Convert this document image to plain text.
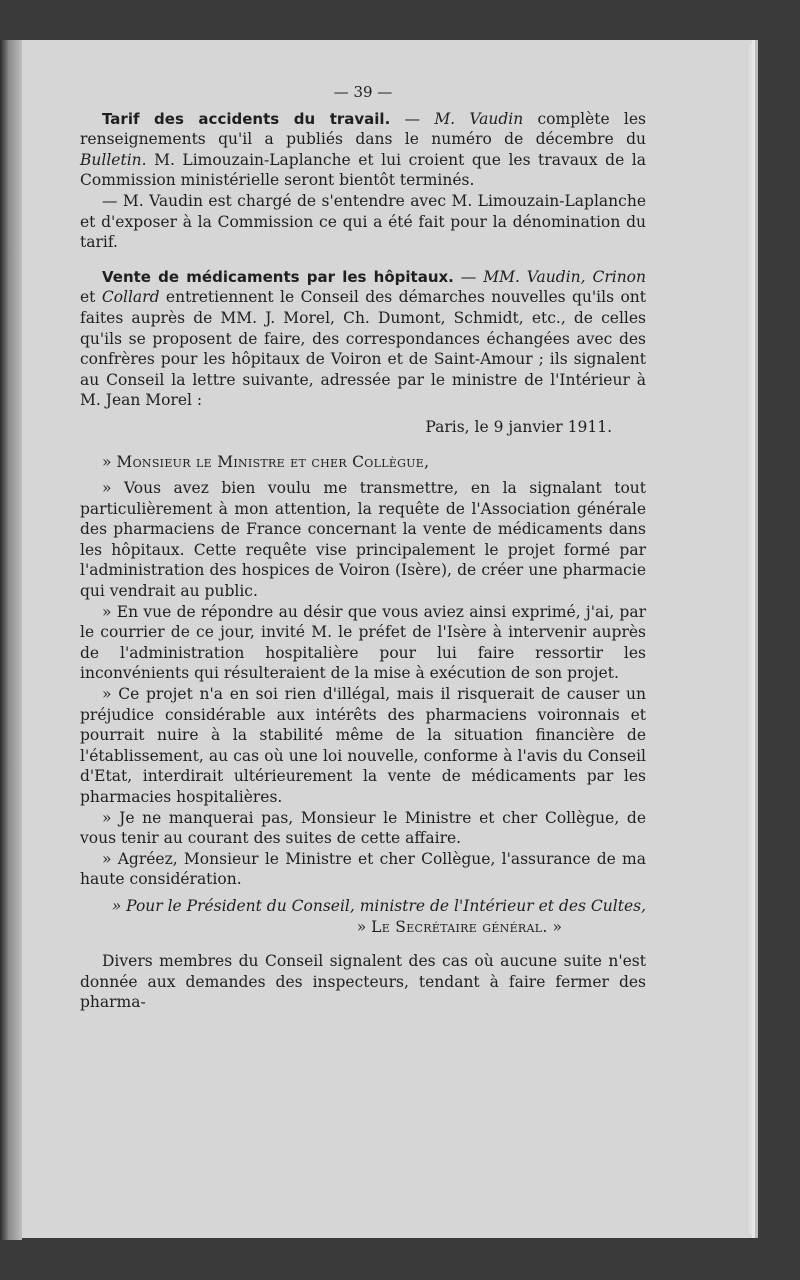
— 39 —

Tarif des accidents du travail. — M. Vaudin complète les renseignements qu'il a publiés dans le numéro de décembre du Bulletin. M. Limouzain-Laplanche et lui croient que les travaux de la Commission ministérielle seront bientôt terminés.

— M. Vaudin est chargé de s'entendre avec M. Limouzain-Laplanche et d'exposer à la Commission ce qui a été fait pour la dénomination du tarif.

Vente de médicaments par les hôpitaux. — MM. Vaudin, Crinon et Collard entretiennent le Conseil des démarches nouvelles qu'ils ont faites auprès de MM. J. Morel, Ch. Dumont, Schmidt, etc., de celles qu'ils se proposent de faire, des correspondances échangées avec des confrères pour les hôpitaux de Voiron et de Saint-Amour ; ils signalent au Conseil la lettre suivante, adressée par le ministre de l'Intérieur à M. Jean Morel :

Paris, le 9 janvier 1911.

» Monsieur le Ministre et cher Collègue,

» Vous avez bien voulu me transmettre, en la signalant tout particulièrement à mon attention, la requête de l'Association générale des pharmaciens de France concernant la vente de médicaments dans les hôpitaux. Cette requête vise principalement le projet formé par l'administration des hospices de Voiron (Isère), de créer une pharmacie qui vendrait au public.

» En vue de répondre au désir que vous aviez ainsi exprimé, j'ai, par le courrier de ce jour, invité M. le préfet de l'Isère à intervenir auprès de l'administration hospitalière pour lui faire ressortir les inconvénients qui résulteraient de la mise à exécution de son projet.

» Ce projet n'a en soi rien d'illégal, mais il risquerait de causer un préjudice considérable aux intérêts des pharmaciens voironnais et pourrait nuire à la stabilité même de la situation financière de l'établissement, au cas où une loi nouvelle, conforme à l'avis du Conseil d'Etat, interdirait ultérieurement la vente de médicaments par les pharmacies hospitalières.

» Je ne manquerai pas, Monsieur le Ministre et cher Collègue, de vous tenir au courant des suites de cette affaire.

» Agréez, Monsieur le Ministre et cher Collègue, l'assurance de ma haute considération.

» Pour le Président du Conseil, ministre de l'Intérieur et des Cultes,

» Le Secrétaire général. »

Divers membres du Conseil signalent des cas où aucune suite n'est donnée aux demandes des inspecteurs, tendant à faire fermer des pharma-
